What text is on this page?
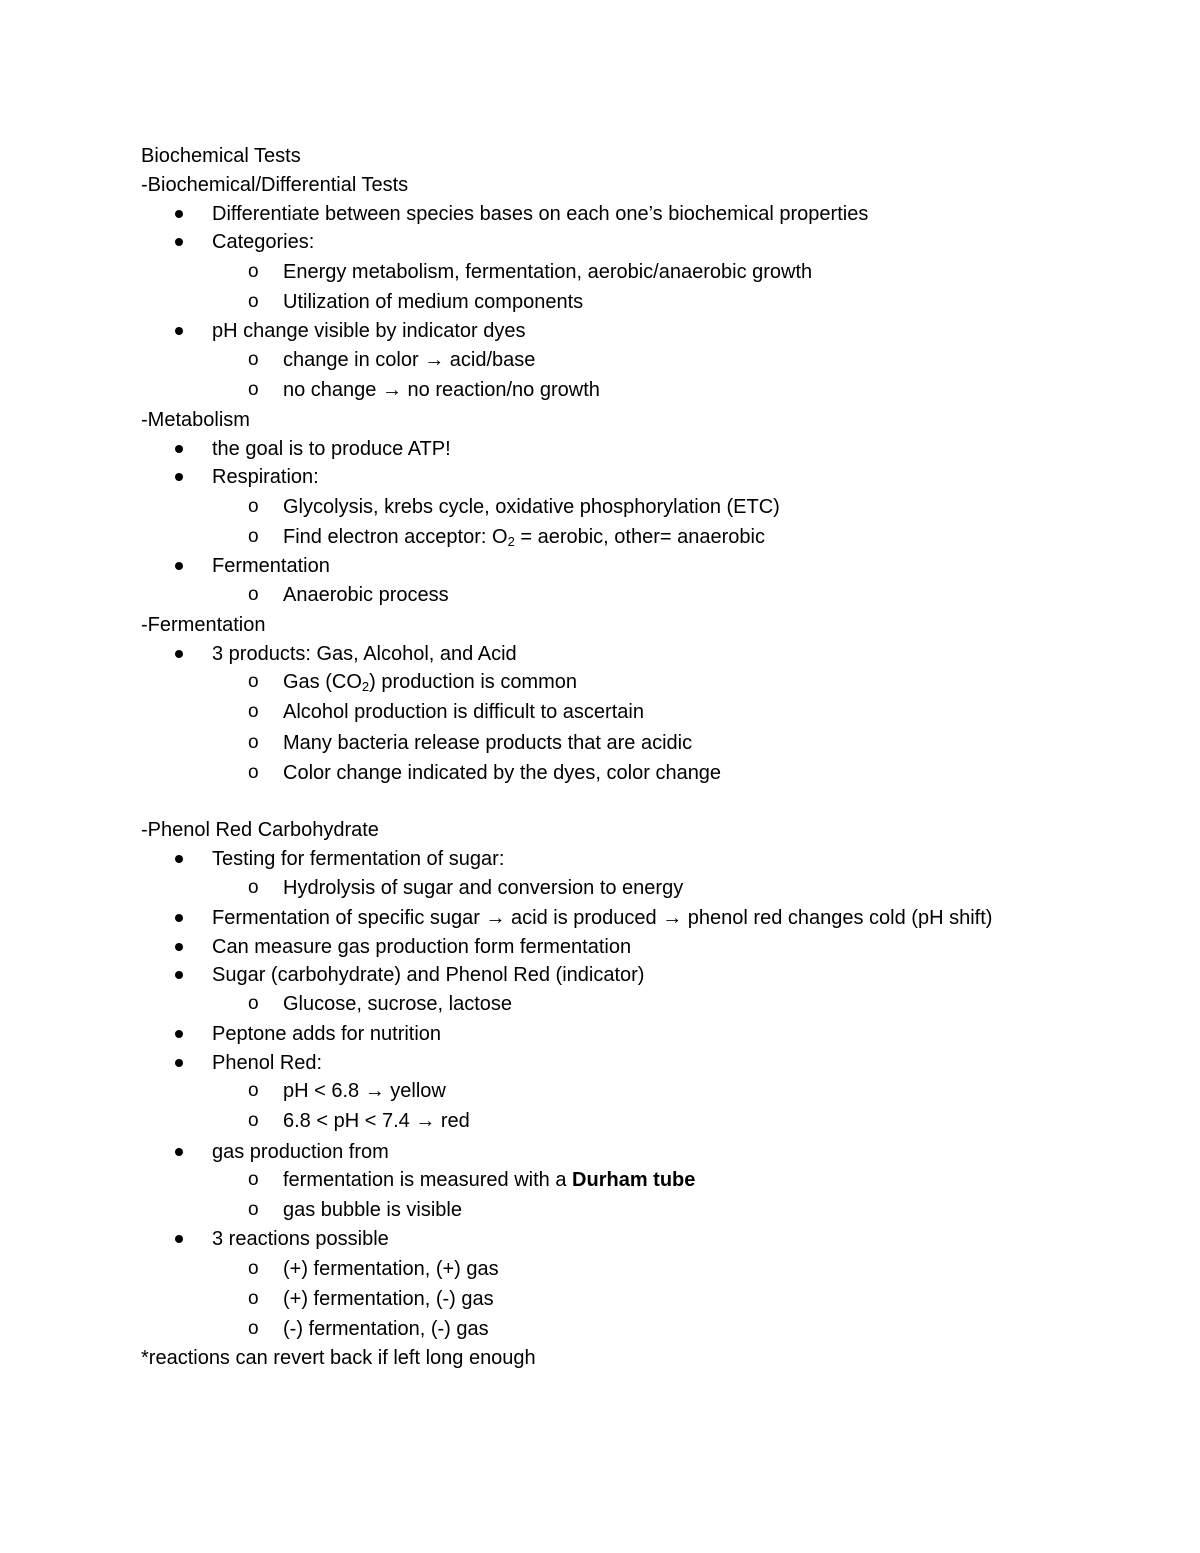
Biochemical Tests
-Biochemical/Differential Tests
Differentiate between species bases on each one’s biochemical properties
Categories:
o Energy metabolism, fermentation, aerobic/anaerobic growth
o Utilization of medium components
pH change visible by indicator dyes
o change in color → acid/base
o no change → no reaction/no growth
-Metabolism
the goal is to produce ATP!
Respiration:
o Glycolysis, krebs cycle, oxidative phosphorylation (ETC)
o Find electron acceptor: $O_2$ = aerobic, other= anaerobic
Fermentation
o Anaerobic process
-Fermentation
3 products: Gas, Alcohol, and Acid
o Gas $(CO_2)$ production is common
o Alcohol production is difficult to ascertain
o Many bacteria release products that are acidic
o Color change indicated by the dyes, color change
-Phenol Red Carbohydrate
Testing for fermentation of sugar:
o Hydrolysis of sugar and conversion to energy
Fermentation of specific sugar → acid is produced → phenol red changes cold (pH shift)
Can measure gas production form fermentation
Sugar (carbohydrate) and Phenol Red (indicator)
o Glucose, sucrose, lactose
Peptone adds for nutrition
Phenol Red:
o pH < 6.8 → yellow
o 6.8 < pH < 7.4 → red
gas production from
o fermentation is measured with a Durham tube
o gas bubble is visible
3 reactions possible
o (+) fermentation, (+) gas
o (+) fermentation, (-) gas
o (-) fermentation, (-) gas
*reactions can revert back if left long enough
